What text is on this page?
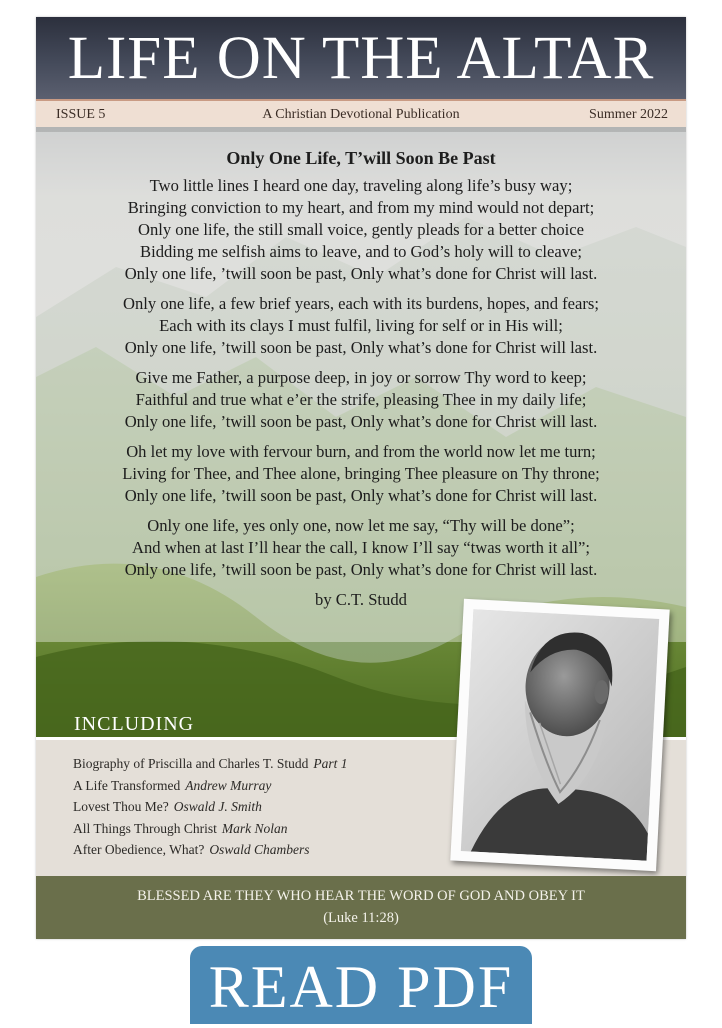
LIFE ON THE ALTAR
ISSUE 5	A Christian Devotional Publication	Summer 2022
Only One Life, T’will Soon Be Past
Two little lines I heard one day, traveling along life’s busy way;
Bringing conviction to my heart, and from my mind would not depart;
Only one life, the still small voice, gently pleads for a better choice
Bidding me selfish aims to leave, and to God’s holy will to cleave;
Only one life, ’twill soon be past, Only what’s done for Christ will last.
Only one life, a few brief years, each with its burdens, hopes, and fears;
Each with its clays I must fulfil, living for self or in His will;
Only one life, ’twill soon be past, Only what’s done for Christ will last.
Give me Father, a purpose deep, in joy or sorrow Thy word to keep;
Faithful and true what e’er the strife, pleasing Thee in my daily life;
Only one life, ’twill soon be past, Only what’s done for Christ will last.
Oh let my love with fervour burn, and from the world now let me turn;
Living for Thee, and Thee alone, bringing Thee pleasure on Thy throne;
Only one life, ’twill soon be past, Only what’s done for Christ will last.
Only one life, yes only one, now let me say, “Thy will be done”;
And when at last I’ll hear the call, I know I’ll say “twas worth it all”;
Only one life, ’twill soon be past, Only what’s done for Christ will last.
by C.T. Studd
INCLUDING
Biography of Priscilla and Charles T. Studd Part 1
A Life Transformed Andrew Murray
Lovest Thou Me? Oswald J. Smith
All Things Through Christ Mark Nolan
After Obedience, What? Oswald Chambers
BLESSED ARE THEY WHO HEAR THE WORD OF GOD AND OBEY IT
(Luke 11:28)
READ PDF
